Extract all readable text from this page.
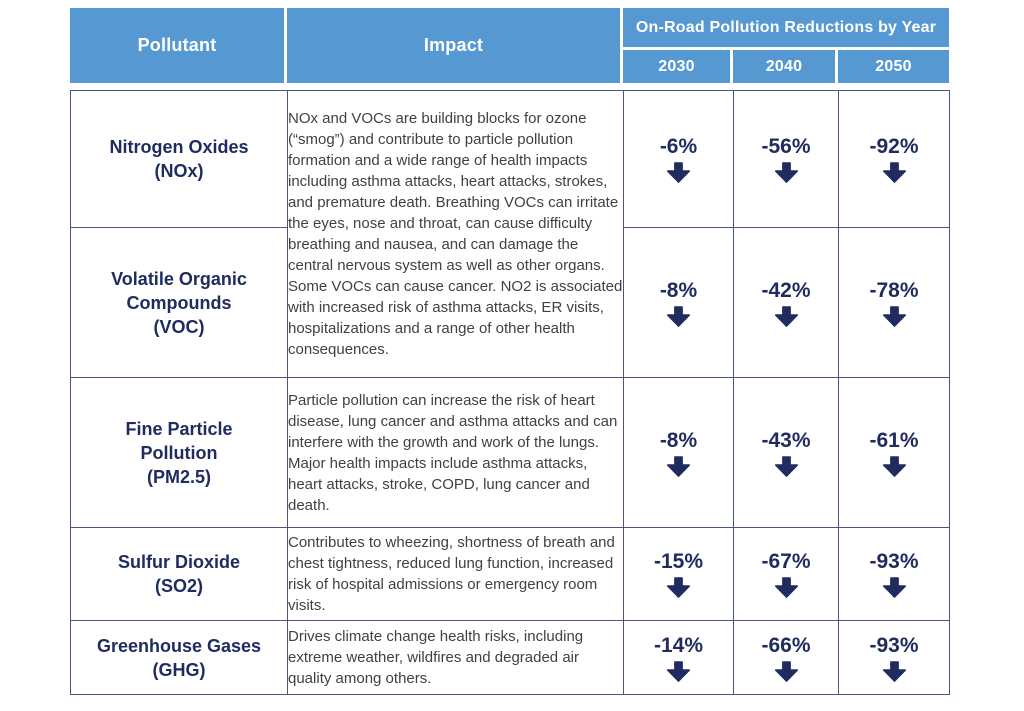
Pollutant	Impact
On-Road Pollution Reductions by Year
2030	2040	2050
Nitrogen Oxides
(NOx)	NOx and VOCs are building blocks for ozone (“smog”) and contribute to particle pollution formation and a wide range of health impacts including asthma attacks, heart attacks, strokes, and premature death. Breathing VOCs can irritate the eyes, nose and throat, can cause difficulty breathing and nausea, and can damage the central nervous system as well as other organs. Some VOCs can cause cancer. NO2 is associated with increased risk of asthma attacks, ER visits, hospitalizations and a range of other health consequences.	-6%	-56%	-92%

Volatile Organic Compounds
(VOC)		-8%	-42%	-78%

Fine Particle Pollution
(PM2.5)	Particle pollution can increase the risk of heart disease, lung cancer and asthma attacks and can interfere with the growth and work of the lungs. Major health impacts include asthma attacks, heart attacks, stroke, COPD, lung cancer and death.	-8%	-43%	-61%

Sulfur Dioxide
(SO2)	Contributes to wheezing, shortness of breath and chest tightness, reduced lung function, increased risk of hospital admissions or emergency room visits.	-15%	-67%	-93%

Greenhouse Gases
(GHG)	Drives climate change health risks, including extreme weather, wildfires and degraded air quality among others.	-14%	-66%	-93%
